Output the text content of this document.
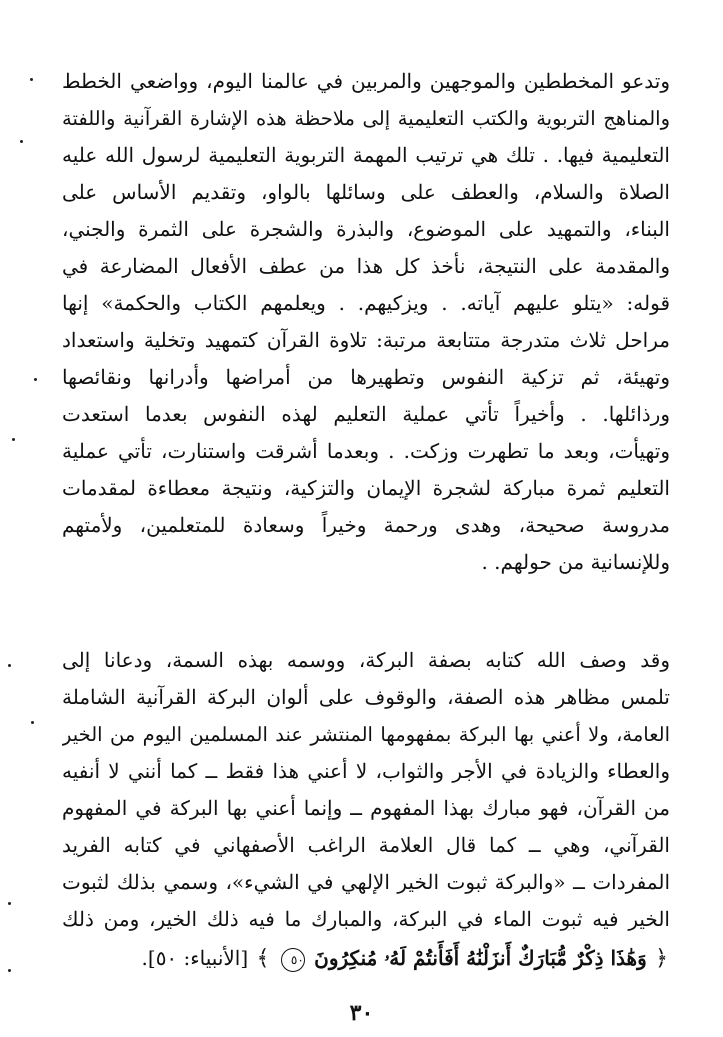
وتدعو المخططين والموجهين والمربين في عالمنا اليوم، وواضعي الخطط
والمناهج التربوية والكتب التعليمية إلى ملاحظة هذه الإشارة القرآنية واللفتة
التعليمية فيها. . تلك هي ترتيب المهمة التربوية التعليمية لرسول الله عليه
الصلاة والسلام، والعطف على وسائلها بالواو، وتقديم الأساس على
البناء، والتمهيد على الموضوع، والبذرة والشجرة على الثمرة والجني،
والمقدمة على النتيجة، نأخذ كل هذا من عطف الأفعال المضارعة في
قوله: «يتلو عليهم آياته. . ويزكيهم. . ويعلمهم الكتاب والحكمة» إنها
مراحل ثلاث متدرجة متتابعة مرتبة: تلاوة القرآن كتمهيد وتخلية واستعداد
وتهيئة، ثم تزكية النفوس وتطهيرها من أمراضها وأدرانها ونقائصها
ورذائلها. . وأخيراً تأتي عملية التعليم لهذه النفوس بعدما استعدت
وتهيأت، وبعد ما تطهرت وزكت. . وبعدما أشرقت واستنارت، تأتي عملية
التعليم ثمرة مباركة لشجرة الإيمان والتزكية، ونتيجة معطاءة لمقدمات
مدروسة صحيحة، وهدى ورحمة وخيراً وسعادة للمتعلمين، ولأمتهم
وللإنسانية من حولهم. .
وقد وصف الله كتابه بصفة البركة، ووسمه بهذه السمة، ودعانا إلى
تلمس مظاهر هذه الصفة، والوقوف على ألوان البركة القرآنية الشاملة
العامة، ولا أعني بها البركة بمفهومها المنتشر عند المسلمين اليوم من الخير
والعطاء والزيادة في الأجر والثواب، لا أعني هذا فقط ــ كما أنني لا أنفيه
من القرآن، فهو مبارك بهذا المفهوم ــ وإنما أعني بها البركة في المفهوم
القرآني، وهي ــ كما قال العلامة الراغب الأصفهاني في كتابه الفريد
المفردات ــ «والبركة ثبوت الخير الإلهي في الشيء»، وسمي بذلك لثبوت
الخير فيه ثبوت الماء في البركة، والمبارك ما فيه ذلك الخير، ومن ذلك
﴿ وَهَٰذَا ذِكْرٌ مُّبَارَكٌ أَنزَلْنَٰهُ أَفَأَنتُمْ لَهُۥ مُنكِرُونَ ٥٠ ﴾ [الأنبياء: ٥٠].
٣٠
